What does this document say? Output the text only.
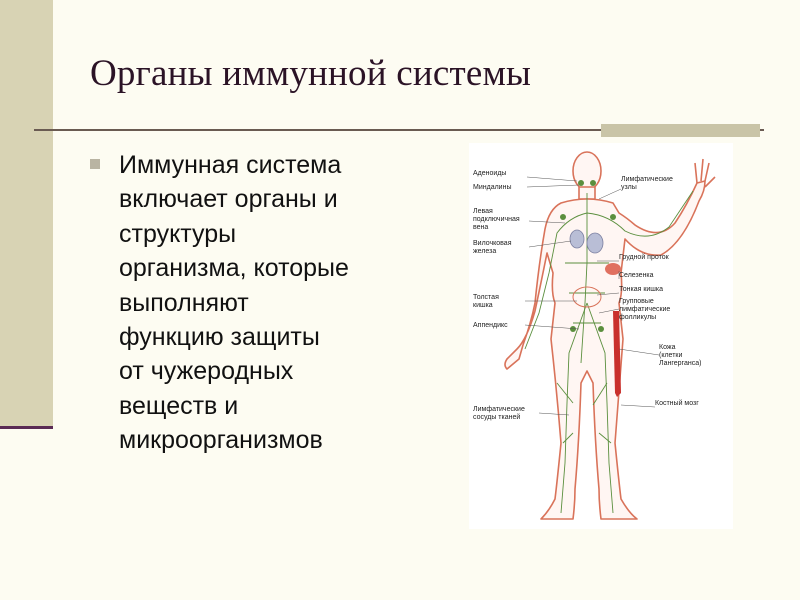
Органы иммунной системы

Иммунная система
включает органы и
структуры
организма, которые
выполняют
функцию защиты
от чужеродных
веществ и
микроорганизмов

Аденоиды
Миндалины
Левая
подключичная
вена
Вилочковая
железа
Толстая
кишка
Аппендикс
Лимфатические
сосуды тканей
Лимфатические
узлы
Грудной проток
Селезенка
Тонкая кишка
Групповые
лимфатические
фолликулы
Кожа
(клетки
Лангерганса)
Костный мозг
